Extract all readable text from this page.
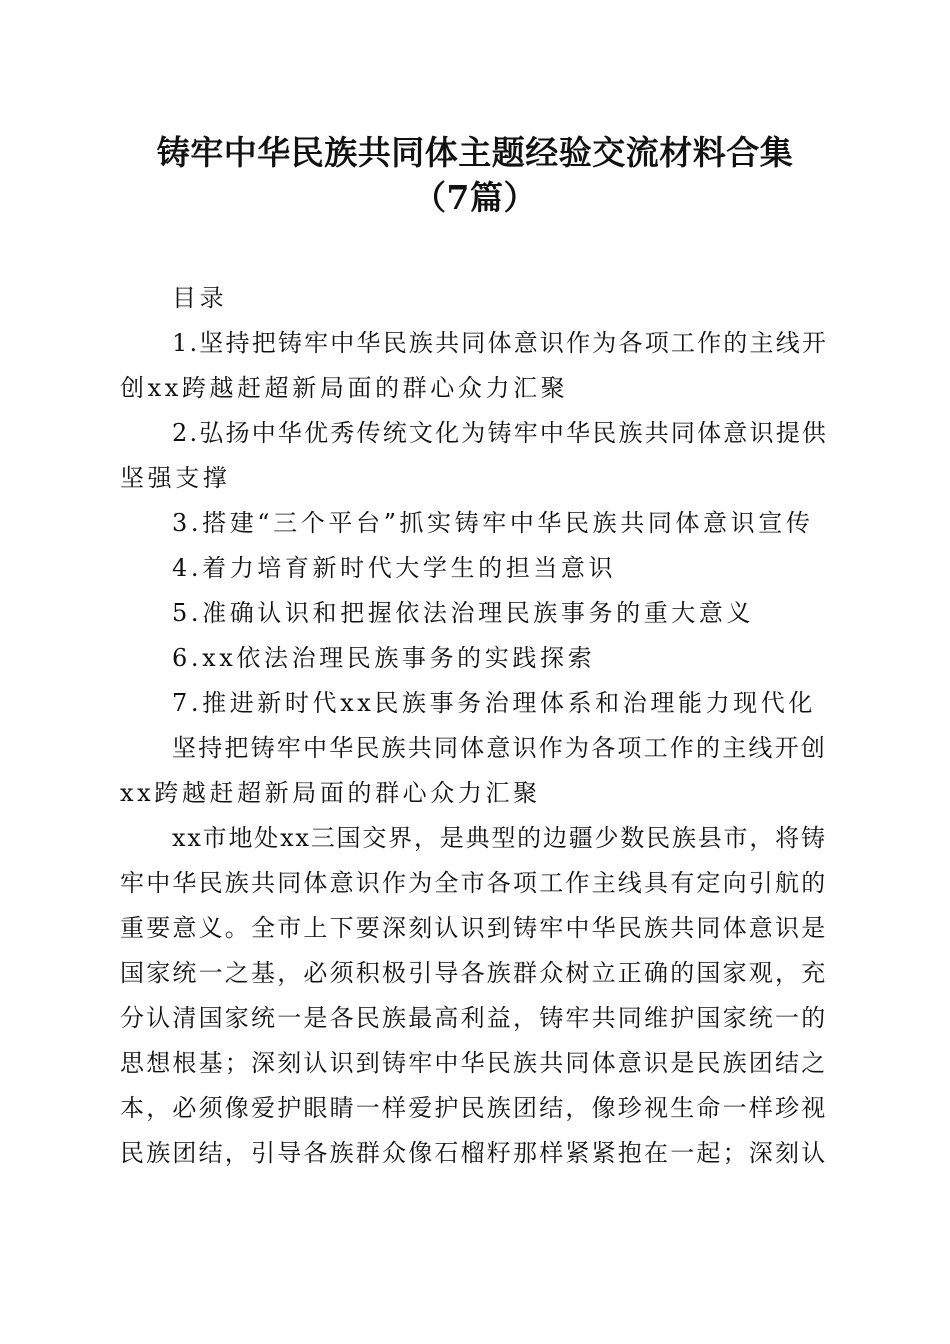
铸牢中华民族共同体主题经验交流材料合集
（7篇）
目录
1.坚持把铸牢中华民族共同体意识作为各项工作的主线开
创xx跨越赶超新局面的群心众力汇聚
2.弘扬中华优秀传统文化为铸牢中华民族共同体意识提供
坚强支撑
3.搭建“三个平台”抓实铸牢中华民族共同体意识宣传
4.着力培育新时代大学生的担当意识
5.准确认识和把握依法治理民族事务的重大意义
6.xx依法治理民族事务的实践探索
7.推进新时代xx民族事务治理体系和治理能力现代化
坚持把铸牢中华民族共同体意识作为各项工作的主线开创
xx跨越赶超新局面的群心众力汇聚
xx市地处xx三国交界，是典型的边疆少数民族县市，将铸
牢中华民族共同体意识作为全市各项工作主线具有定向引航的
重要意义。全市上下要深刻认识到铸牢中华民族共同体意识是
国家统一之基，必须积极引导各族群众树立正确的国家观，充
分认清国家统一是各民族最高利益，铸牢共同维护国家统一的
思想根基；深刻认识到铸牢中华民族共同体意识是民族团结之
本，必须像爱护眼睛一样爱护民族团结，像珍视生命一样珍视
民族团结，引导各族群众像石榴籽那样紧紧抱在一起；深刻认
